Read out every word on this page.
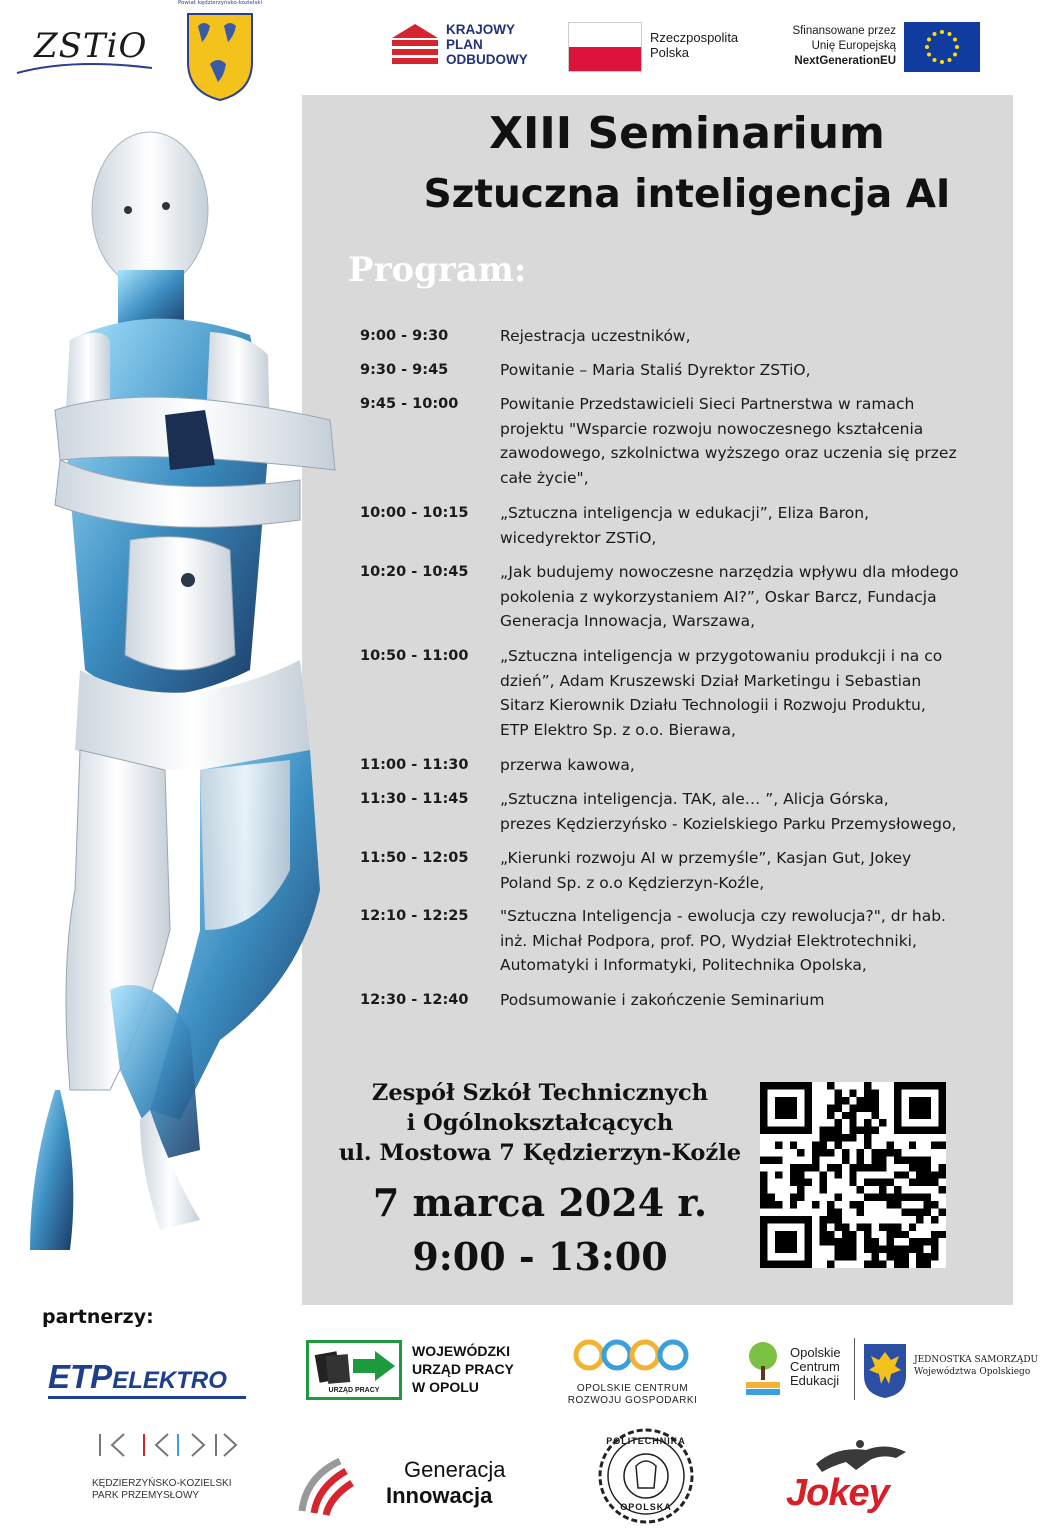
ZSTiO
Powiat kędzierzyńsko-kozielski
KRAJOWY
PLAN
ODBUDOWY
Rzeczpospolita
Polska
Sfinansowane przez
Unię Europejską
NextGenerationEU
XIII Seminarium
Sztuczna inteligencja AI
Program:
9:00 - 9:30	Rejestracja uczestników,
9:30 - 9:45	Powitanie – Maria Staliś Dyrektor ZSTiO,
9:45 - 10:00	Powitanie Przedstawicieli Sieci Partnerstwa w ramach
projektu "Wsparcie rozwoju nowoczesnego kształcenia
zawodowego, szkolnictwa wyższego oraz uczenia się przez
całe życie",
10:00 - 10:15	„Sztuczna inteligencja w edukacji”, Eliza Baron,
wicedyrektor ZSTiO,
10:20 - 10:45	„Jak budujemy nowoczesne narzędzia wpływu dla młodego
pokolenia z wykorzystaniem AI?”, Oskar Barcz, Fundacja
Generacja Innowacja, Warszawa,
10:50 - 11:00	„Sztuczna inteligencja w przygotowaniu produkcji i na co
dzień”, Adam Kruszewski Dział Marketingu i Sebastian
Sitarz Kierownik Działu Technologii i Rozwoju Produktu,
ETP Elektro Sp. z o.o. Bierawa,
11:00 - 11:30	przerwa kawowa,
11:30 - 11:45	„Sztuczna inteligencja. TAK, ale… ”, Alicja Górska,
prezes Kędzierzyńsko - Kozielskiego Parku Przemysłowego,
11:50 - 12:05	„Kierunki rozwoju AI w przemyśle”, Kasjan Gut, Jokey
Poland Sp. z o.o Kędzierzyn-Koźle,
12:10 - 12:25	"Sztuczna Inteligencja - ewolucja czy rewolucja?", dr hab.
inż. Michał Podpora, prof. PO, Wydział Elektrotechniki,
Automatyki i Informatyki, Politechnika Opolska,
12:30 - 12:40	Podsumowanie i zakończenie Seminarium
Zespół Szkół Technicznych
i Ogólnokształcących
ul. Mostowa 7 Kędzierzyn-Koźle
7 marca 2024 r.
9:00 - 13:00
partnerzy:
ETPELEKTRO	URZĄD PRACY
WOJEWÓDZKI
URZĄD PRACY
W OPOLU	OPOLSKIE CENTRUM
ROZWOJU GOSPODARKI
Opolskie
Centrum
Edukacji
JEDNOSTKA SAMORZĄDU
Województwa Opolskiego
KĘDZIERZYŃSKO-KOZIELSKI
PARK PRZEMYSŁOWY
Generacja
Innowacja
POLITECHNIKA
OPOLSKA	Jokey
